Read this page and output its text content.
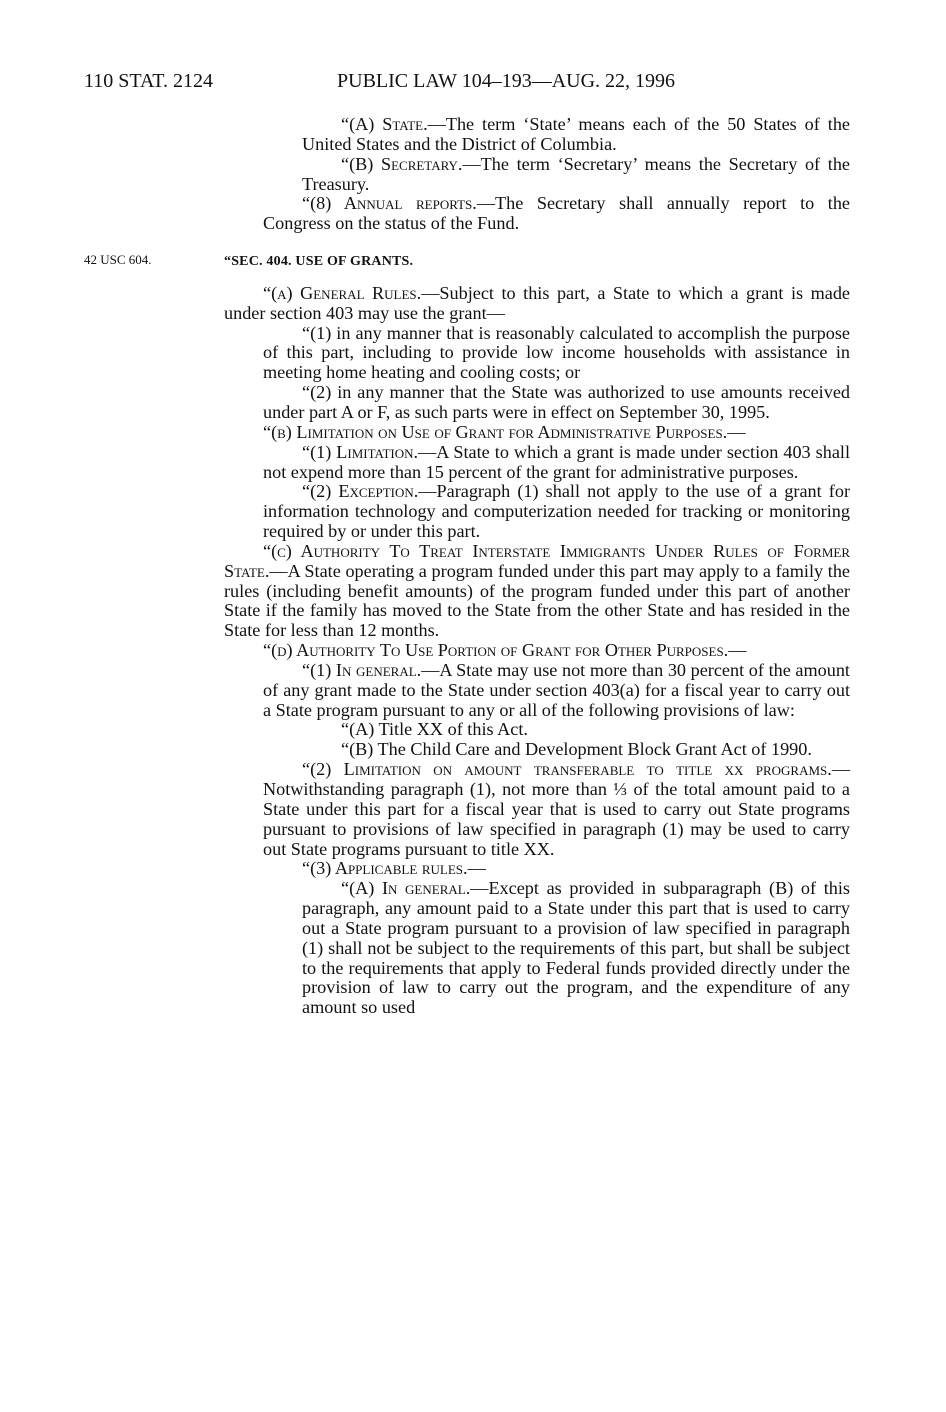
110 STAT. 2124	PUBLIC LAW 104–193—AUG. 22, 1996
42 USC 604.

“(A) State.—The term ‘State’ means each of the 50 States of the United States and the District of Columbia.

“(B) Secretary.—The term ‘Secretary’ means the Secretary of the Treasury.

“(8) Annual reports.—The Secretary shall annually report to the Congress on the status of the Fund.

“SEC. 404. USE OF GRANTS.

“(a) General Rules.—Subject to this part, a State to which a grant is made under section 403 may use the grant—

“(1) in any manner that is reasonably calculated to accomplish the purpose of this part, including to provide low income households with assistance in meeting home heating and cooling costs; or

“(2) in any manner that the State was authorized to use amounts received under part A or F, as such parts were in effect on September 30, 1995.

“(b) Limitation on Use of Grant for Administrative Purposes.—

“(1) Limitation.—A State to which a grant is made under section 403 shall not expend more than 15 percent of the grant for administrative purposes.

“(2) Exception.—Paragraph (1) shall not apply to the use of a grant for information technology and computerization needed for tracking or monitoring required by or under this part.

“(c) Authority To Treat Interstate Immigrants Under Rules of Former State.—A State operating a program funded under this part may apply to a family the rules (including benefit amounts) of the program funded under this part of another State if the family has moved to the State from the other State and has resided in the State for less than 12 months.

“(d) Authority To Use Portion of Grant for Other Purposes.—

“(1) In general.—A State may use not more than 30 percent of the amount of any grant made to the State under section 403(a) for a fiscal year to carry out a State program pursuant to any or all of the following provisions of law:

“(A) Title XX of this Act.

“(B) The Child Care and Development Block Grant Act of 1990.

“(2) Limitation on amount transferable to title xx programs.—Notwithstanding paragraph (1), not more than ⅓ of the total amount paid to a State under this part for a fiscal year that is used to carry out State programs pursuant to provisions of law specified in paragraph (1) may be used to carry out State programs pursuant to title XX.

“(3) Applicable rules.—

“(A) In general.—Except as provided in subparagraph (B) of this paragraph, any amount paid to a State under this part that is used to carry out a State program pursuant to a provision of law specified in paragraph (1) shall not be subject to the requirements of this part, but shall be subject to the requirements that apply to Federal funds provided directly under the provision of law to carry out the program, and the expenditure of any amount so used
